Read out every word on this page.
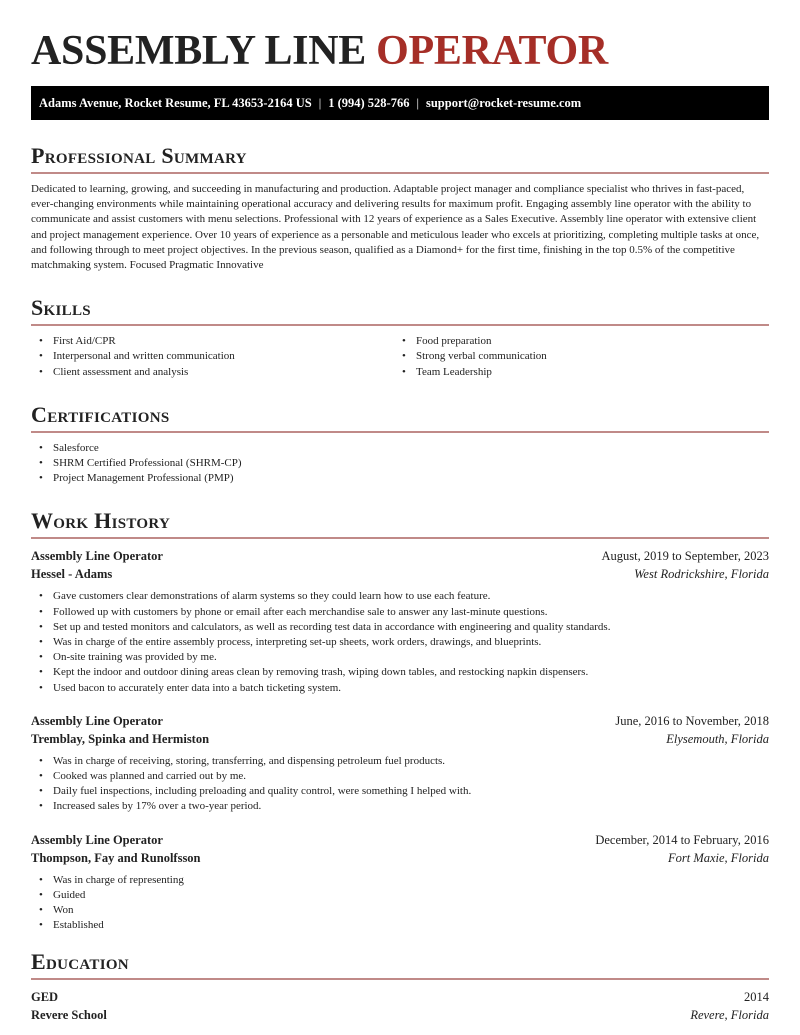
ASSEMBLY LINE OPERATOR
Adams Avenue, Rocket Resume, FL 43653-2164 US | 1 (994) 528-766 | support@rocket-resume.com
Professional Summary

Dedicated to learning, growing, and succeeding in manufacturing and production. Adaptable project manager and compliance specialist who thrives in fast-paced, ever-changing environments while maintaining operational accuracy and delivering results for maximum profit. Engaging assembly line operator with the ability to communicate and assist customers with menu selections. Professional with 12 years of experience as a Sales Executive. Assembly line operator with extensive client and project management experience. Over 10 years of experience as a personable and meticulous leader who excels at prioritizing, completing multiple tasks at once, and following through to meet project objectives. In the previous season, qualified as a Diamond+ for the first time, finishing in the top 0.5% of the competitive matchmaking system. Focused Pragmatic Innovative

Skills
• First Aid/CPR
• Interpersonal and written communication
• Client assessment and analysis
• Food preparation
• Strong verbal communication
• Team Leadership
Certifications
• Salesforce
• SHRM Certified Professional (SHRM-CP)
• Project Management Professional (PMP)
Work History
Assembly Line Operator	August, 2019 to September, 2023
Hessel - Adams	West Rodrickshire, Florida
• Gave customers clear demonstrations of alarm systems so they could learn how to use each feature.
• Followed up with customers by phone or email after each merchandise sale to answer any last-minute questions.
• Set up and tested monitors and calculators, as well as recording test data in accordance with engineering and quality standards.
• Was in charge of the entire assembly process, interpreting set-up sheets, work orders, drawings, and blueprints.
• On-site training was provided by me.
• Kept the indoor and outdoor dining areas clean by removing trash, wiping down tables, and restocking napkin dispensers.
• Used bacon to accurately enter data into a batch ticketing system.
Assembly Line Operator	June, 2016 to November, 2018
Tremblay, Spinka and Hermiston	Elysemouth, Florida
• Was in charge of receiving, storing, transferring, and dispensing petroleum fuel products.
• Cooked was planned and carried out by me.
• Daily fuel inspections, including preloading and quality control, were something I helped with.
• Increased sales by 17% over a two-year period.
Assembly Line Operator	December, 2014 to February, 2016
Thompson, Fay and Runolfsson	Fort Maxie, Florida
• Was in charge of representing
• Guided
• Won
• Established
Education
GED	2014
Revere School	Revere, Florida
